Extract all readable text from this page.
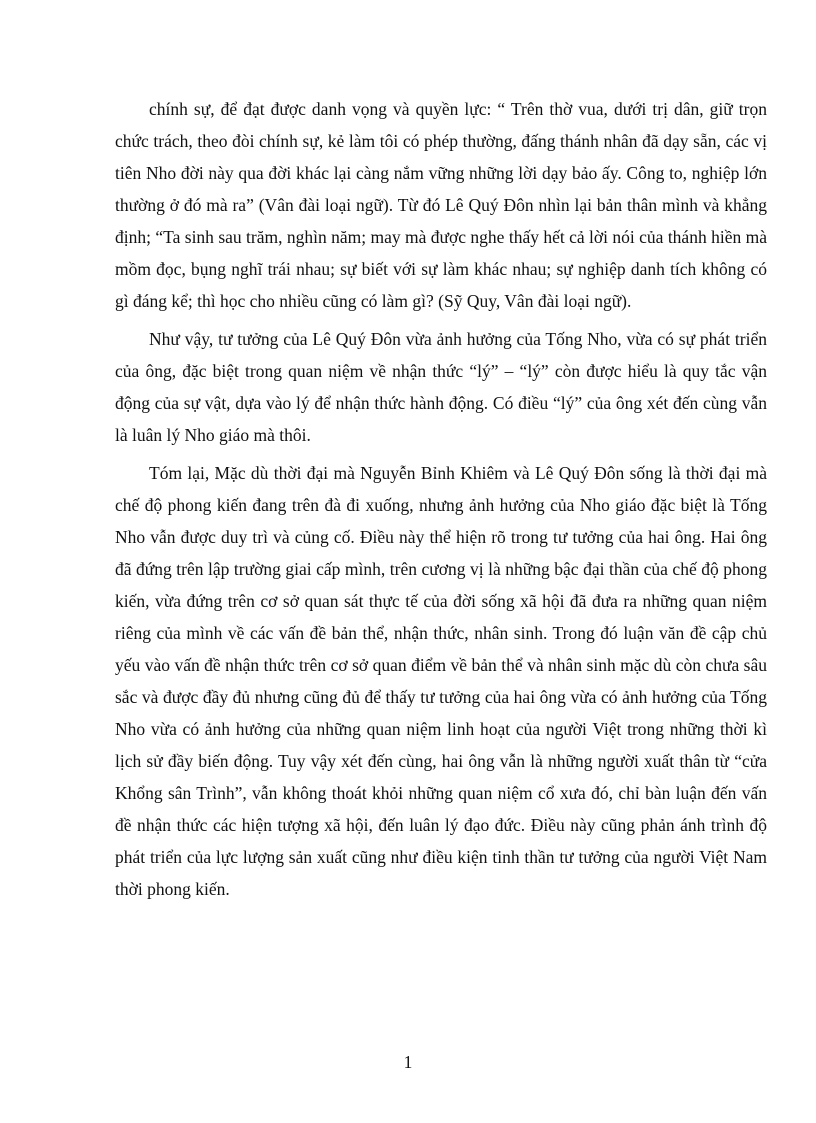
chính sự, để đạt được danh vọng và quyền lực: “ Trên thờ vua, dưới trị dân, giữ trọn chức trách, theo đòi chính sự, kẻ làm tôi có phép thường, đấng thánh nhân đã dạy sẵn, các vị tiên Nho đời này qua đời khác lại càng nắm vững những lời dạy bảo ấy. Công to, nghiệp lớn thường ở đó mà ra” (Vân đài loại ngữ). Từ đó Lê Quý Đôn nhìn lại bản thân mình và khẳng định; “Ta sinh sau trăm, nghìn năm; may mà được nghe thấy hết cả lời nói của thánh hiền mà mồm đọc, bụng nghĩ trái nhau; sự biết với sự làm khác nhau; sự nghiệp danh tích không có gì đáng kể; thì học cho nhiều cũng có làm gì? (Sỹ Quy, Vân đài loại ngữ).

Như vậy, tư tưởng của Lê Quý Đôn vừa ảnh hưởng của Tống Nho, vừa có sự phát triển của ông, đặc biệt trong quan niệm về nhận thức “lý” – “lý” còn được hiểu là quy tắc vận động của sự vật, dựa vào lý để nhận thức hành động. Có điều “lý” của ông xét đến cùng vẫn là luân lý Nho giáo mà thôi.

Tóm lại, Mặc dù thời đại mà Nguyễn Bỉnh Khiêm và Lê Quý Đôn sống là thời đại mà chế độ phong kiến đang trên đà đi xuống, nhưng ảnh hưởng của Nho giáo đặc biệt là Tống Nho vẫn được duy trì và củng cố. Điều này thể hiện rõ trong tư tưởng của hai ông. Hai ông đã đứng trên lập trường giai cấp mình, trên cương vị là những bậc đại thần của chế độ phong kiến, vừa đứng trên cơ sở quan sát thực tế của đời sống xã hội đã đưa ra những quan niệm riêng của mình về các vấn đề bản thể, nhận thức, nhân sinh. Trong đó luận văn đề cập chủ yếu vào vấn đề nhận thức trên cơ sở quan điểm về bản thể và nhân sinh mặc dù còn chưa sâu sắc và được đầy đủ nhưng cũng đủ để thấy tư tưởng của hai ông vừa có ảnh hưởng của Tống Nho vừa có ảnh hưởng của những quan niệm linh hoạt của người Việt trong những thời kì lịch sử đầy biến động. Tuy vậy xét đến cùng, hai ông vẫn là những người xuất thân từ “cửa Khổng sân Trình”, vẫn không thoát khỏi những quan niệm cổ xưa đó, chỉ bàn luận đến vấn đề nhận thức các hiện tượng xã hội, đến luân lý đạo đức. Điều này cũng phản ánh trình độ phát triển của lực lượng sản xuất cũng như điều kiện tinh thần tư tưởng của người Việt Nam thời phong kiến.

1
